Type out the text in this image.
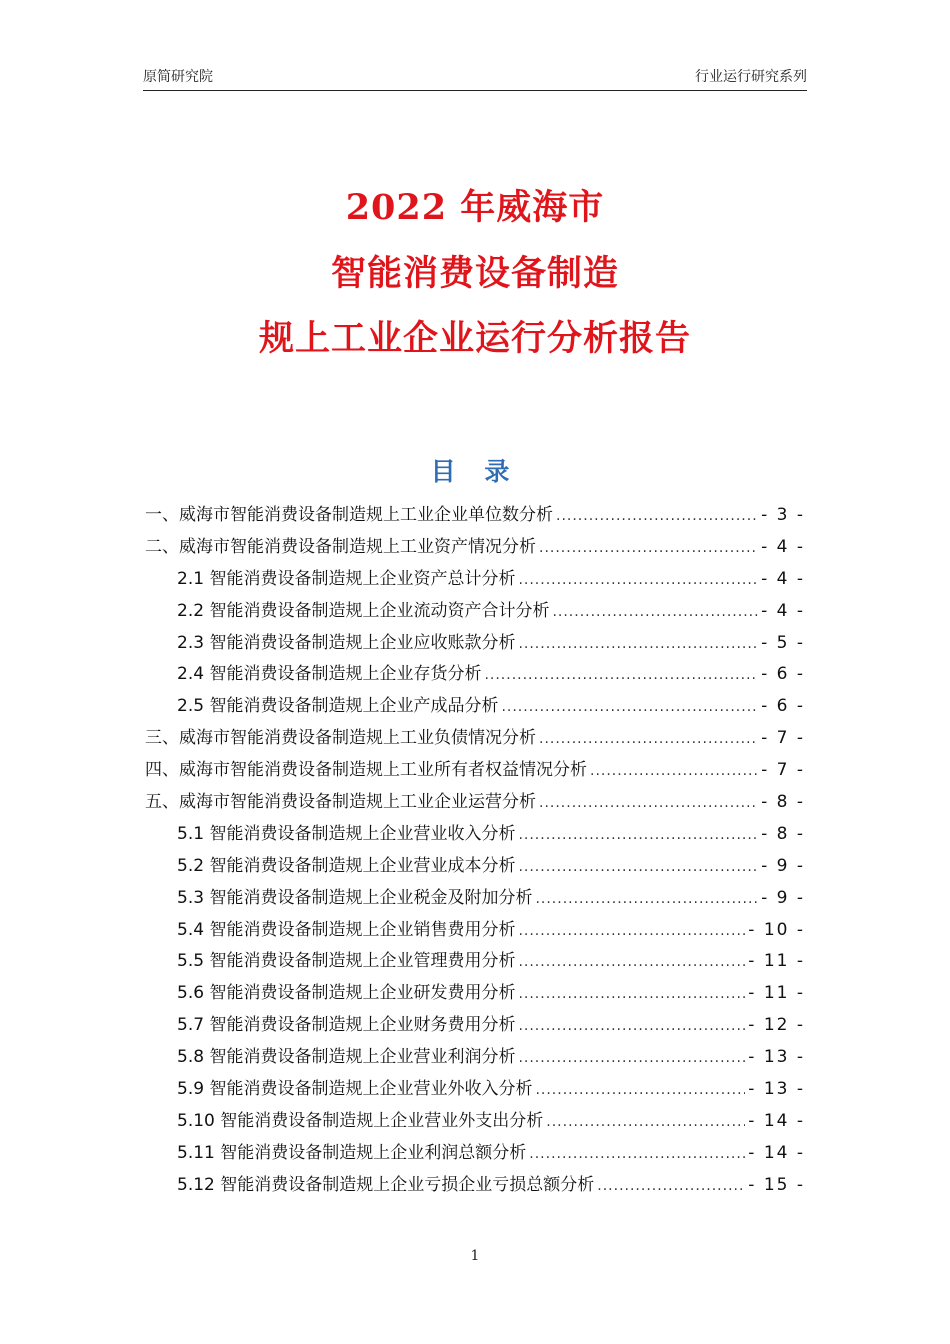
原简研究院	行业运行研究系列
2022 年威海市
智能消费设备制造
规上工业企业运行分析报告
目 录
一、威海市智能消费设备制造规上工业企业单位数分析 .....	- 3 -
二、威海市智能消费设备制造规上工业资产情况分析 .....	- 4 -
2.1 智能消费设备制造规上企业资产总计分析 .....	- 4 -
2.2 智能消费设备制造规上企业流动资产合计分析 .....	- 4 -
2.3 智能消费设备制造规上企业应收账款分析 .....	- 5 -
2.4 智能消费设备制造规上企业存货分析 .....	- 6 -
2.5 智能消费设备制造规上企业产成品分析 .....	- 6 -
三、威海市智能消费设备制造规上工业负债情况分析 .....	- 7 -
四、威海市智能消费设备制造规上工业所有者权益情况分析 .....	- 7 -
五、威海市智能消费设备制造规上工业企业运营分析 .....	- 8 -
5.1 智能消费设备制造规上企业营业收入分析 .....	- 8 -
5.2 智能消费设备制造规上企业营业成本分析 .....	- 9 -
5.3 智能消费设备制造规上企业税金及附加分析 .....	- 9 -
5.4 智能消费设备制造规上企业销售费用分析 .....	- 10 -
5.5 智能消费设备制造规上企业管理费用分析 .....	- 11 -
5.6 智能消费设备制造规上企业研发费用分析 .....	- 11 -
5.7 智能消费设备制造规上企业财务费用分析 .....	- 12 -
5.8 智能消费设备制造规上企业营业利润分析 .....	- 13 -
5.9 智能消费设备制造规上企业营业外收入分析 .....	- 13 -
5.10 智能消费设备制造规上企业营业外支出分析 .....	- 14 -
5.11 智能消费设备制造规上企业利润总额分析 .....	- 14 -
5.12 智能消费设备制造规上企业亏损企业亏损总额分析 .....	- 15 -
1
